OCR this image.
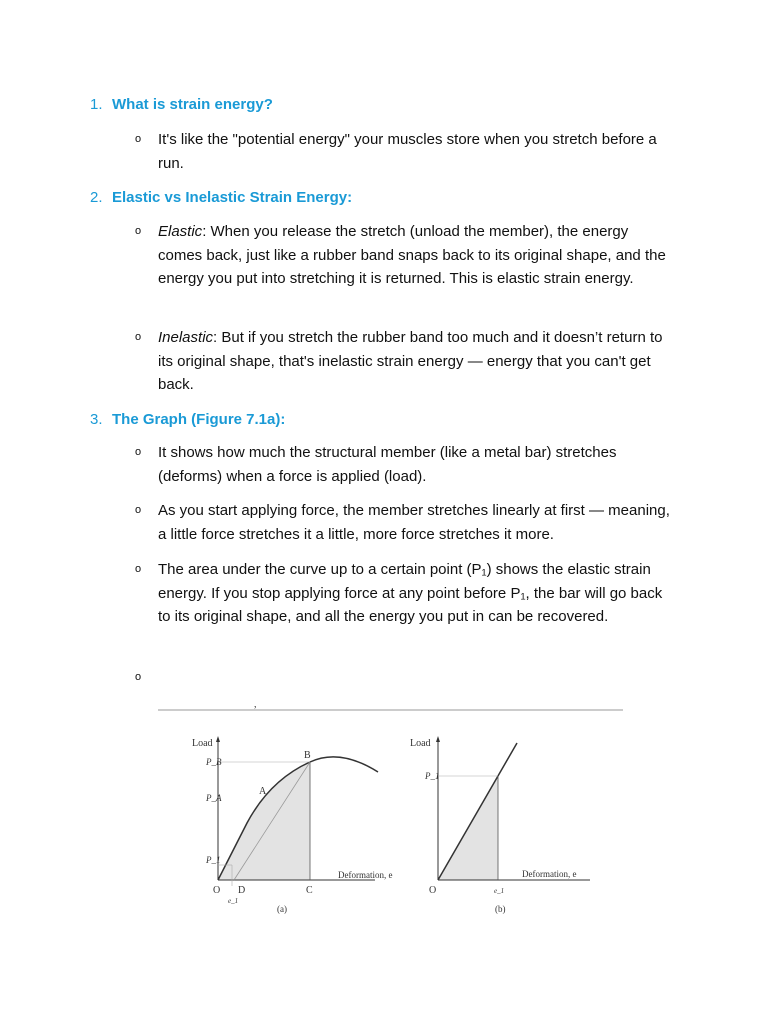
1. What is strain energy?
o It's like the "potential energy" your muscles store when you stretch before a run.
2. Elastic vs Inelastic Strain Energy:
o Elastic: When you release the stretch (unload the member), the energy comes back, just like a rubber band snaps back to its original shape, and the energy you put into stretching it is returned. This is elastic strain energy.
o Inelastic: But if you stretch the rubber band too much and it doesn’t return to its original shape, that's inelastic strain energy — energy that you can't get back.
3. The Graph (Figure 7.1a):
o It shows how much the structural member (like a metal bar) stretches (deforms) when a force is applied (load).
o As you start applying force, the member stretches linearly at first — meaning, a little force stretches it a little, more force stretches it more.
o The area under the curve up to a certain point (P₁) shows the elastic strain energy. If you stop applying force at any point before P₁, the bar will go back to its original shape, and all the energy you put in can be recovered.
o
,
Load
Deformation, e
P_B
P_A
P_1
A
B
O D	C
e_1
(a)
Load
Deformation, e
P_1
O	e_1
(b)
